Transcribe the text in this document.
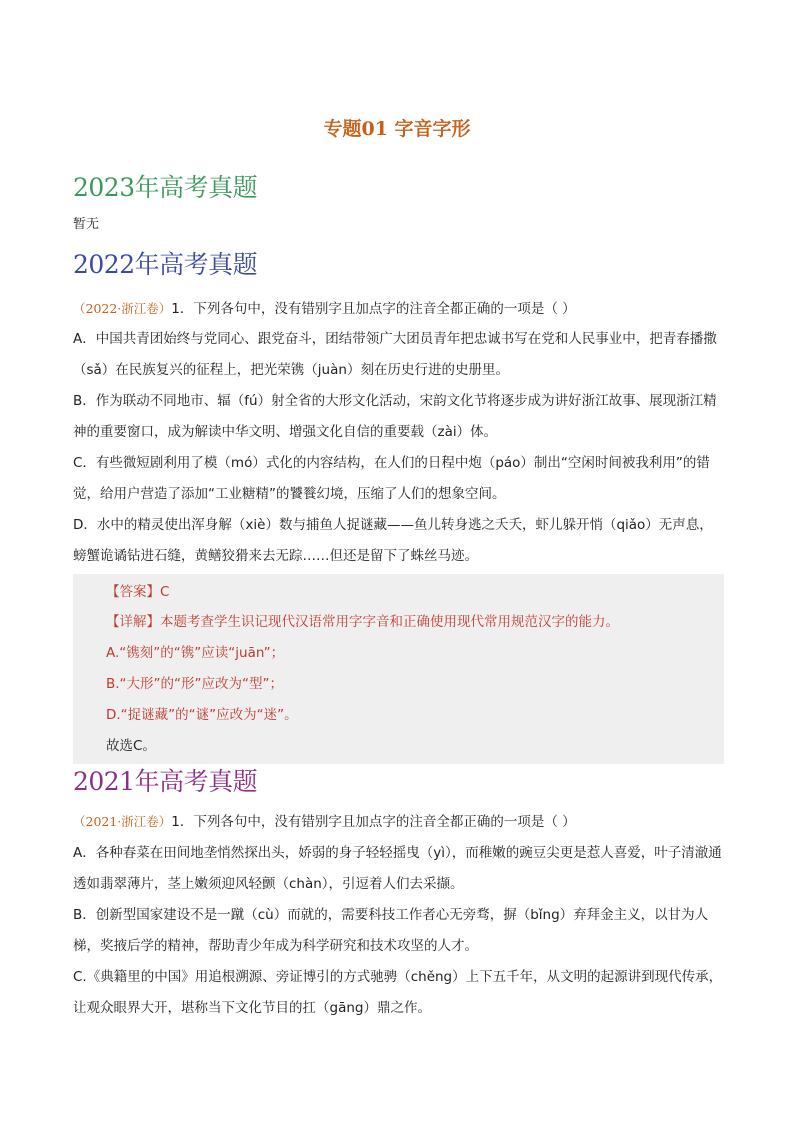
专题01 字音字形
2023年高考真题
暂无
2022年高考真题
（2022·浙江卷）1．下列各句中，没有错别字且加点字的注音全都正确的一项是（ ）
A．中国共青团始终与党同心、跟党奋斗，团结带领广大团员青年把忠诚书写在党和人民事业中，把青春播撒（sǎ）在民族复兴的征程上，把光荣镌（juàn）刻在历史行进的史册里。
B．作为联动不同地市、辐（fú）射全省的大形文化活动，宋韵文化节将逐步成为讲好浙江故事、展现浙江精神的重要窗口，成为解读中华文明、增强文化自信的重要载（zài）体。
C．有些微短剧利用了模（mó）式化的内容结构，在人们的日程中炮（páo）制出“空闲时间被我利用”的错觉，给用户营造了添加“工业糖精”的饕餮幻境，压缩了人们的想象空间。
D．水中的精灵使出浑身解（xiè）数与捕鱼人捉谜藏——鱼儿转身逃之夭夭，虾儿躲开悄（qiǎo）无声息，螃蟹诡谲钻进石缝，黄鳝狡猾来去无踪……但还是留下了蛛丝马迹。
【答案】C
【详解】本题考查学生识记现代汉语常用字字音和正确使用现代常用规范汉字的能力。
A.“镌刻”的“镌”应读“juān”；
B.“大形”的“形”应改为“型”；
D.“捉谜藏”的“谜”应改为“迷”。
故选C。
2021年高考真题
（2021·浙江卷）1．下列各句中，没有错别字且加点字的注音全都正确的一项是（ ）
A．各种春菜在田间地垄悄然探出头，娇弱的身子轻轻摇曳（yì），而稚嫩的豌豆尖更是惹人喜爱，叶子清澈通透如翡翠薄片，茎上嫩须迎风轻颤（chàn），引逗着人们去采撷。
B．创新型国家建设不是一蹴（cù）而就的，需要科技工作者心无旁骛，摒（bǐng）弃拜金主义，以甘为人梯，奖掖后学的精神，帮助青少年成为科学研究和技术攻坚的人才。
C.《典籍里的中国》用追根溯源、旁证博引的方式驰骋（chěng）上下五千年，从文明的起源讲到现代传承，让观众眼界大开，堪称当下文化节目的扛（gāng）鼎之作。
